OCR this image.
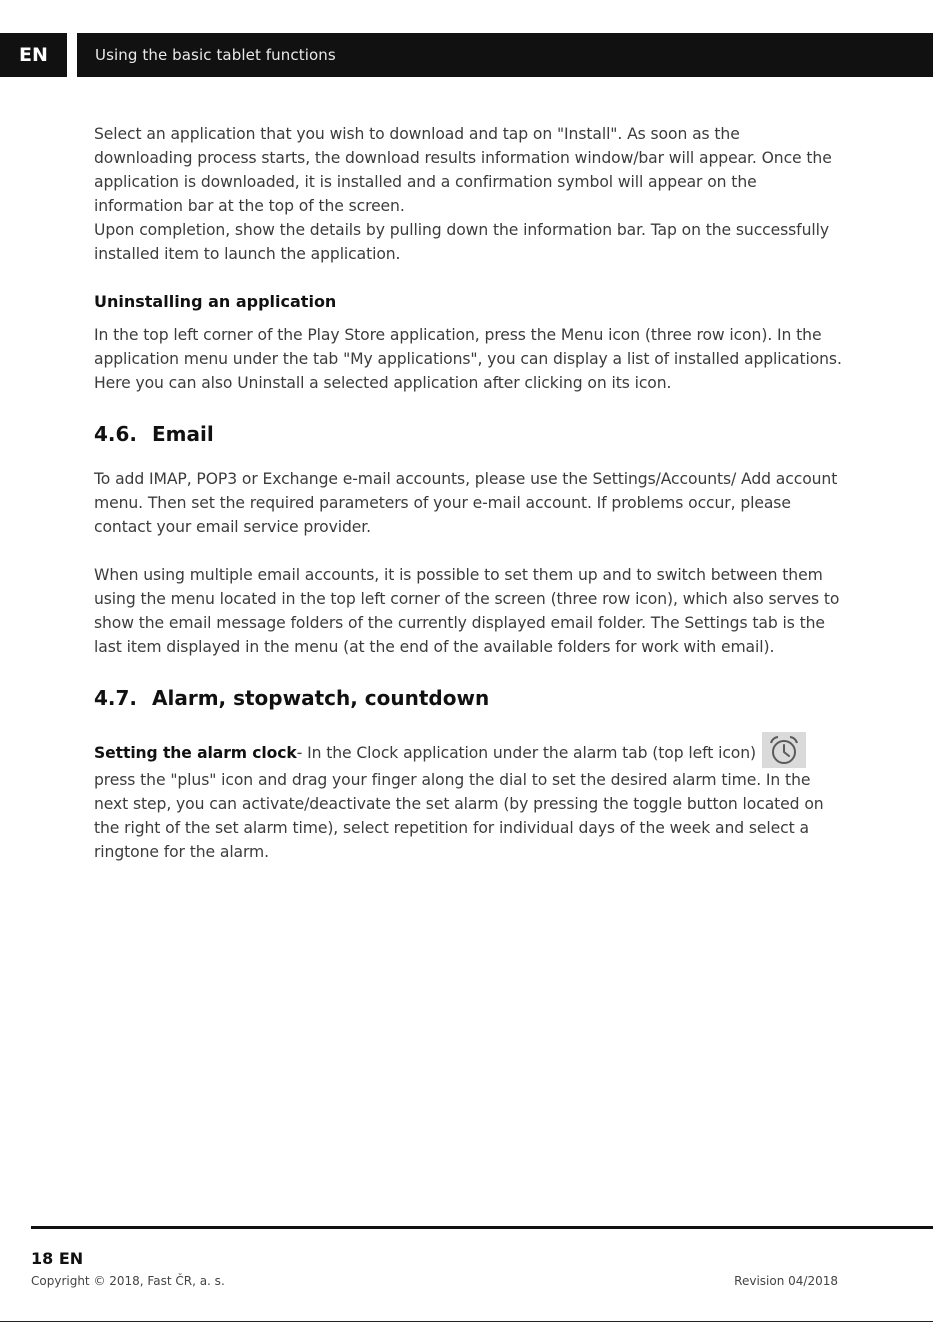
EN	Using the basic tablet functions

Select an application that you wish to download and tap on "Install". As soon as the downloading process starts, the download results information window/bar will appear. Once the application is downloaded, it is installed and a confirmation symbol will appear on the information bar at the top of the screen.

Upon completion, show the details by pulling down the information bar. Tap on the successfully installed item to launch the application.

Uninstalling an application

In the top left corner of the Play Store application, press the Menu icon (three row icon). In the application menu under the tab "My applications", you can display a list of installed applications. Here you can also Uninstall a selected application after clicking on its icon.

4.6. Email

To add IMAP, POP3 or Exchange e-mail accounts, please use the Settings/Accounts/ Add account menu. Then set the required parameters of your e-mail account. If problems occur, please contact your email service provider.

When using multiple email accounts, it is possible to set them up and to switch between them using the menu located in the top left corner of the screen (three row icon), which also serves to show the email message folders of the currently displayed email folder. The Settings tab is the last item displayed in the menu (at the end of the available folders for work with email).

4.7. Alarm, stopwatch, countdown

Setting the alarm clock- In the Clock application under the alarm tab (top left icon)
press the "plus" icon and drag your finger along the dial to set the desired alarm time. In the next step, you can activate/deactivate the set alarm (by pressing the toggle button located on the right of the set alarm time), select repetition for individual days of the week and select a ringtone for the alarm.

18 EN
Copyright © 2018, Fast ČR, a. s.	Revision 04/2018
